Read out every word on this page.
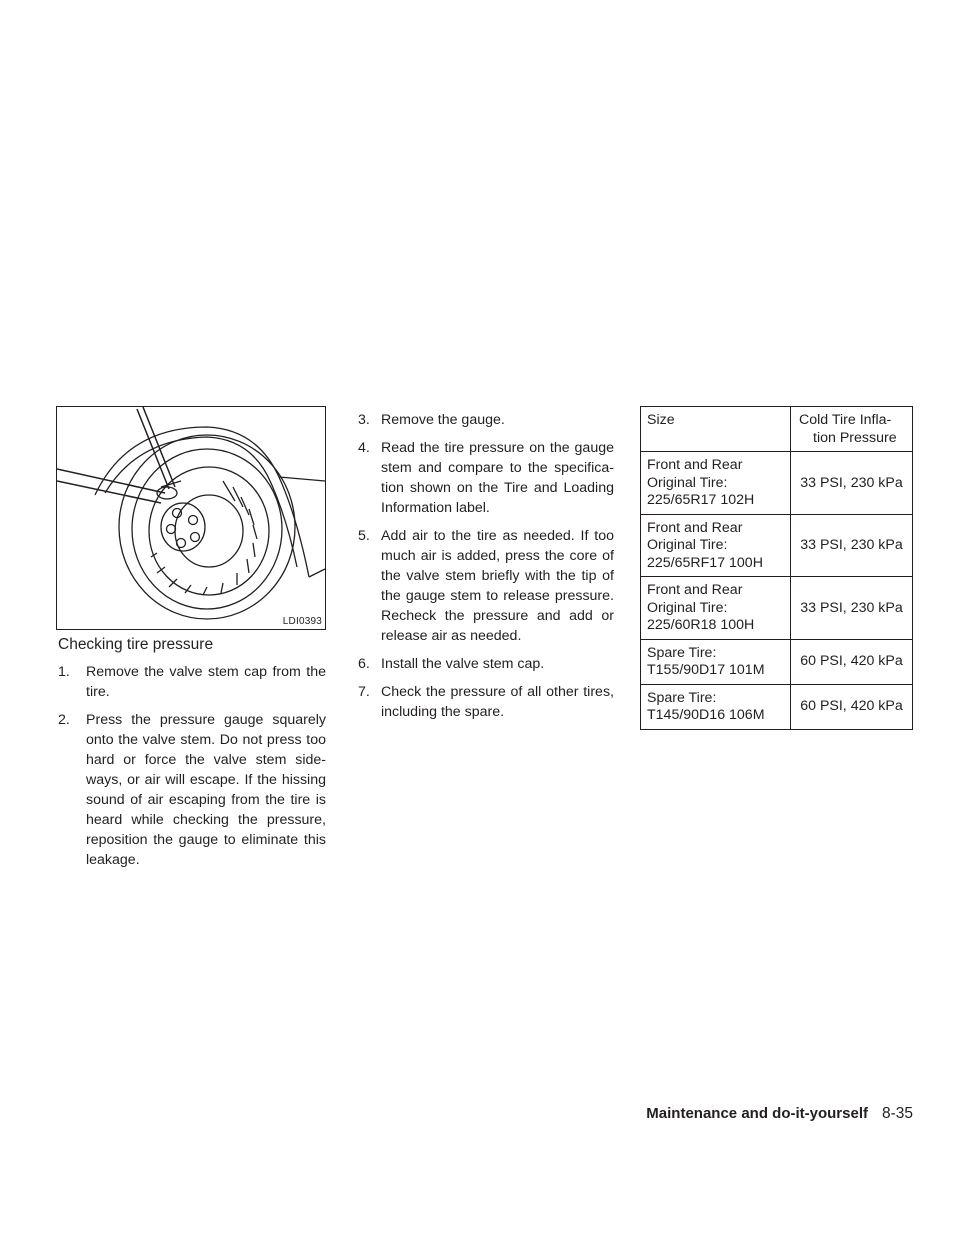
LDI0393
Checking tire pressure
1. Remove the valve stem cap from the tire.
2. Press the pressure gauge squarely onto the valve stem. Do not press too hard or force the valve stem side-ways, or air will escape. If the hissing sound of air escaping from the tire is heard while checking the pressure, reposition the gauge to eliminate this leakage.
3. Remove the gauge.
4. Read the tire pressure on the gauge stem and compare to the specifica-tion shown on the Tire and Loading Information label.
5. Add air to the tire as needed. If too much air is added, press the core of the valve stem briefly with the tip of the gauge stem to release pressure. Recheck the pressure and add or release air as needed.
6. Install the valve stem cap.
7. Check the pressure of all other tires, including the spare.
Size	Cold Tire Infla-
tion Pressure

Front and Rear
Original Tire:
225/65R17 102H	33 PSI, 230 kPa
Front and Rear
Original Tire:
225/65RF17 100H	33 PSI, 230 kPa
Front and Rear
Original Tire:
225/60R18 100H	33 PSI, 230 kPa
Spare Tire:
T155/90D17 101M	60 PSI, 420 kPa
Spare Tire:
T145/90D16 106M	60 PSI, 420 kPa
Maintenance and do-it-yourself 8-35
